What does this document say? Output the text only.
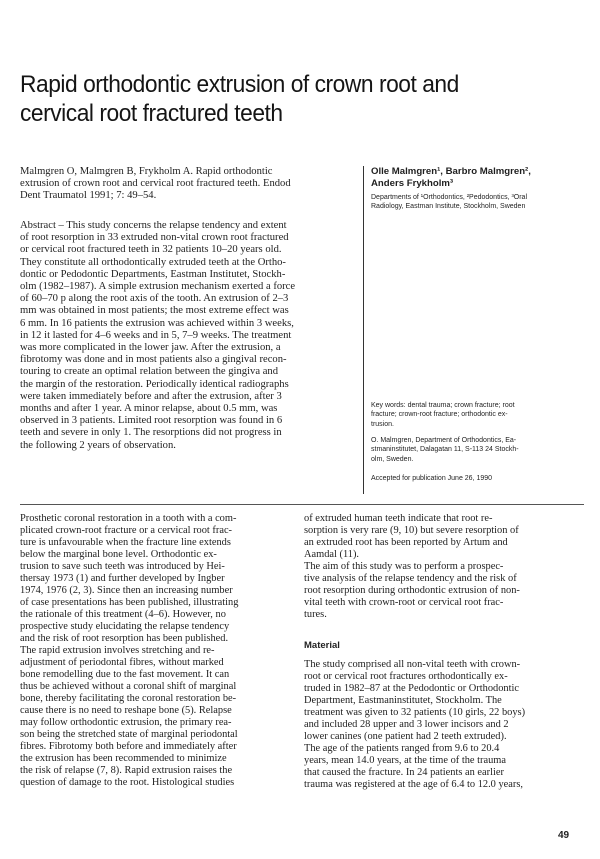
Rapid orthodontic extrusion of crown root and
cervical root fractured teeth
Malmgren O, Malmgren B, Frykholm A. Rapid orthodontic
extrusion of crown root and cervical root fractured teeth. Endod
Dent Traumatol 1991; 7: 49–54.
Abstract – This study concerns the relapse tendency and extent
of root resorption in 33 extruded non-vital crown root fractured
or cervical root fractured teeth in 32 patients 10–20 years old.
They constitute all orthodontically extruded teeth at the Ortho-
dontic or Pedodontic Departments, Eastman Institutet, Stockh-
olm (1982–1987). A simple extrusion mechanism exerted a force
of 60–70 p along the root axis of the tooth. An extrusion of 2–3
mm was obtained in most patients; the most extreme effect was
6 mm. In 16 patients the extrusion was achieved within 3 weeks,
in 12 it lasted for 4–6 weeks and in 5, 7–9 weeks. The treatment
was more complicated in the lower jaw. After the extrusion, a
fibrotomy was done and in most patients also a gingival recon-
touring to create an optimal relation between the gingiva and
the margin of the restoration. Periodically identical radiographs
were taken immediately before and after the extrusion, after 3
months and after 1 year. A minor relapse, about 0.5 mm, was
observed in 3 patients. Limited root resorption was found in 6
teeth and severe in only 1. The resorptions did not progress in
the following 2 years of observation.
Olle Malmgren¹, Barbro Malmgren²,
Anders Frykholm³
Departments of ¹Orthodontics, ²Pedodontics, ³Oral
Radiology, Eastman Institute, Stockholm, Sweden
Key words: dental trauma; crown fracture; root
fracture; crown-root fracture; orthodontic ex-
trusion.
O. Malmgren, Department of Orthodontics, Ea-
stmaninstitutet, Dalagatan 11, S-113 24 Stockh-
olm, Sweden.
Accepted for publication June 26, 1990
Prosthetic coronal restoration in a tooth with a com-
plicated crown-root fracture or a cervical root frac-
ture is unfavourable when the fracture line extends
below the marginal bone level. Orthodontic ex-
trusion to save such teeth was introduced by Hei-
thersay 1973 (1) and further developed by Ingber
1974, 1976 (2, 3). Since then an increasing number
of case presentations has been published, illustrating
the rationale of this treatment (4–6). However, no
prospective study elucidating the relapse tendency
and the risk of root resorption has been published.
The rapid extrusion involves stretching and re-
adjustment of periodontal fibres, without marked
bone remodelling due to the fast movement. It can
thus be achieved without a coronal shift of marginal
bone, thereby facilitating the coronal restoration be-
cause there is no need to reshape bone (5). Relapse
may follow orthodontic extrusion, the primary rea-
son being the stretched state of marginal periodontal
fibres. Fibrotomy both before and immediately after
the extrusion has been recommended to minimize
the risk of relapse (7, 8). Rapid extrusion raises the
question of damage to the root. Histological studies
of extruded human teeth indicate that root re-
sorption is very rare (9, 10) but severe resorption of
an extruded root has been reported by Artum and
Aamdal (11).
The aim of this study was to perform a prospec-
tive analysis of the relapse tendency and the risk of
root resorption during orthodontic extrusion of non-
vital teeth with crown-root or cervical root frac-
tures.
Material
The study comprised all non-vital teeth with crown-
root or cervical root fractures orthodontically ex-
truded in 1982–87 at the Pedodontic or Orthodontic
Department, Eastmaninstitutet, Stockholm. The
treatment was given to 32 patients (10 girls, 22 boys)
and included 28 upper and 3 lower incisors and 2
lower canines (one patient had 2 teeth extruded).
The age of the patients ranged from 9.6 to 20.4
years, mean 14.0 years, at the time of the trauma
that caused the fracture. In 24 patients an earlier
trauma was registered at the age of 6.4 to 12.0 years,
49
